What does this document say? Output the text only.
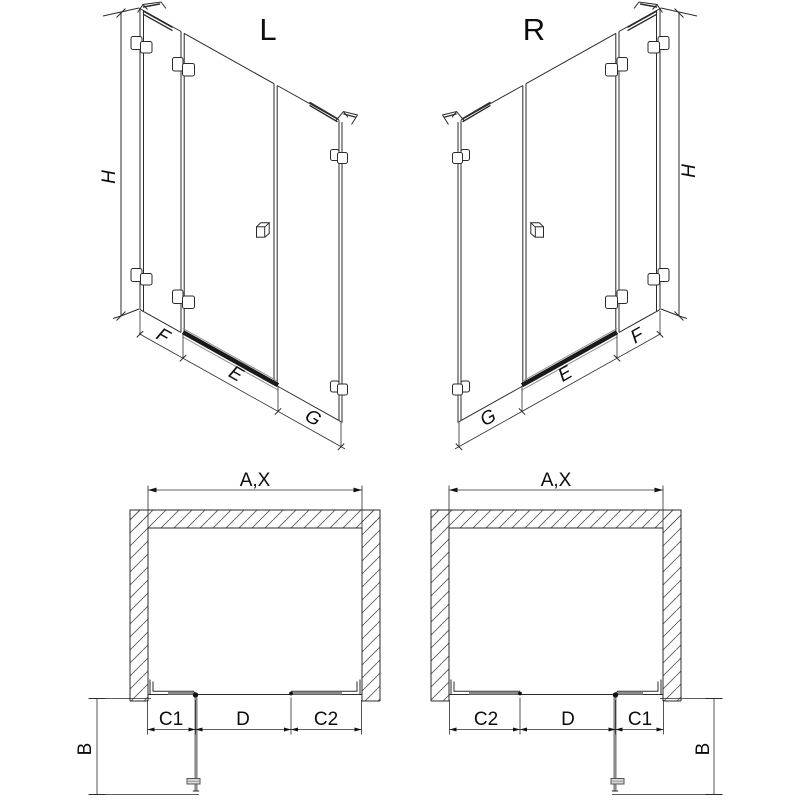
L	R
H	H
F
E
G	G
E
F
A,X	A,X
C1	D	C2	C2	D	C1
B	B
